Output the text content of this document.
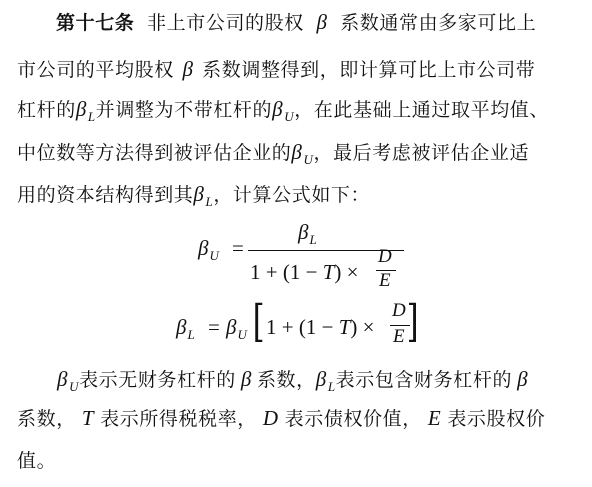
第十七条 非上市公司的股权 β 系数通常由多家可比上
市公司的平均股权 β 系数调整得到，即计算可比上市公司带
杠杆的$\beta_L$并调整为不带杠杆的$\beta_U$，在此基础上通过取平均值、
中位数等方法得到被评估企业的$\beta_U$，最后考虑被评估企业适
用的资本结构得到其$\beta_L$，计算公式如下：
$\beta_U$ =
$\beta_L$
1 + (1 − T) ×
D
E
$\beta_L = \beta_U$ [ 1 + (1 − T) ×
D
E ]
$\beta_U$表示无财务杠杆的 β 系数，$\beta_L$表示包含财务杠杆的 β
系数， T 表示所得税税率， D 表示债权价值， E 表示股权价
值。
